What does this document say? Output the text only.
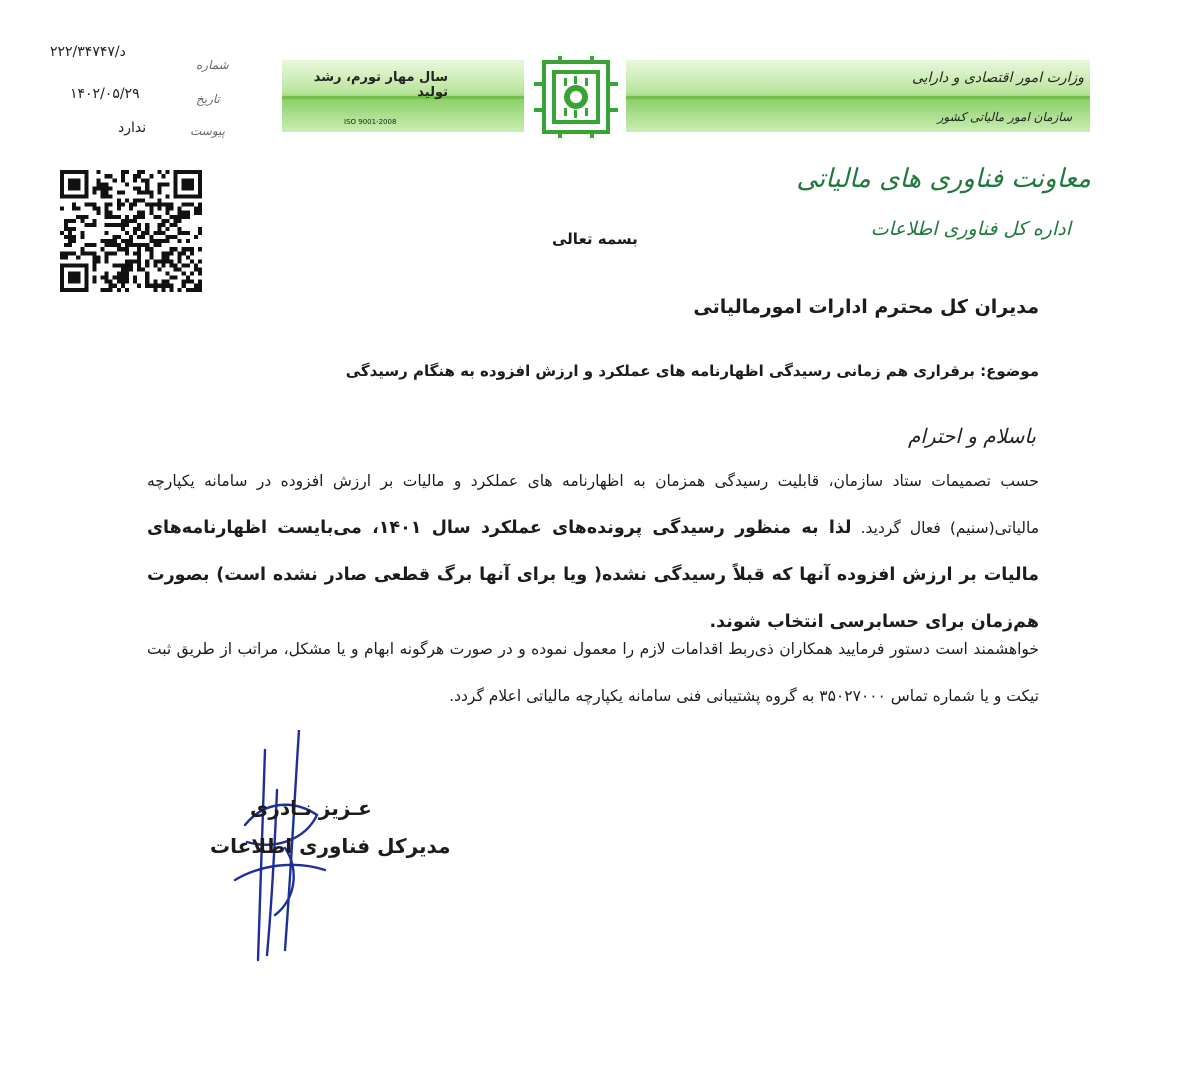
شماره
د/۲۲۲/۳۴۷۴۷
تاریخ
۱۴۰۲/۰۵/۲۹
پیوست
ندارد
سال مهار تورم، رشد تولید
ISO 9001-2008
وزارت امور اقتصادی و دارایی
سازمان امور مالیاتی کشور
معاونت فناوری های مالیاتی
اداره کل فناوری اطلاعات
بسمه تعالی
مدیران کل محترم ادارات امورمالیاتی
موضوع: برقراری هم زمانی رسیدگی اظهارنامه های عملکرد و ارزش افزوده به هنگام رسیدگی
باسلام و احترام
حسب تصمیمات ستاد سازمان، قابلیت رسیدگی همزمان به اظهارنامه های عملکرد و مالیات بر ارزش افزوده در سامانه یکپارچه مالیاتی(سنیم) فعال گردید. لذا به منظور رسیدگی پرونده‌های عملکرد سال ۱۴۰۱، می‌بایست اظهارنامه‌های مالیات بر ارزش افزوده آنها که قبلاً رسیدگی نشده( ویا برای آنها برگ قطعی صادر نشده است) بصورت هم‌زمان برای حسابرسی انتخاب شوند.
خواهشمند است دستور فرمایید همکاران ذی‌ربط اقدامات لازم را معمول نموده و در صورت هرگونه ابهام و یا مشکل، مراتب از طریق ثبت تیکت و یا شماره تماس ۳۵۰۲۷۰۰۰ به گروه پشتیبانی فنی سامانه یکپارچه مالیاتی اعلام گردد.
عـزیز نـادری
مدیرکل فناوری اطلاعات
